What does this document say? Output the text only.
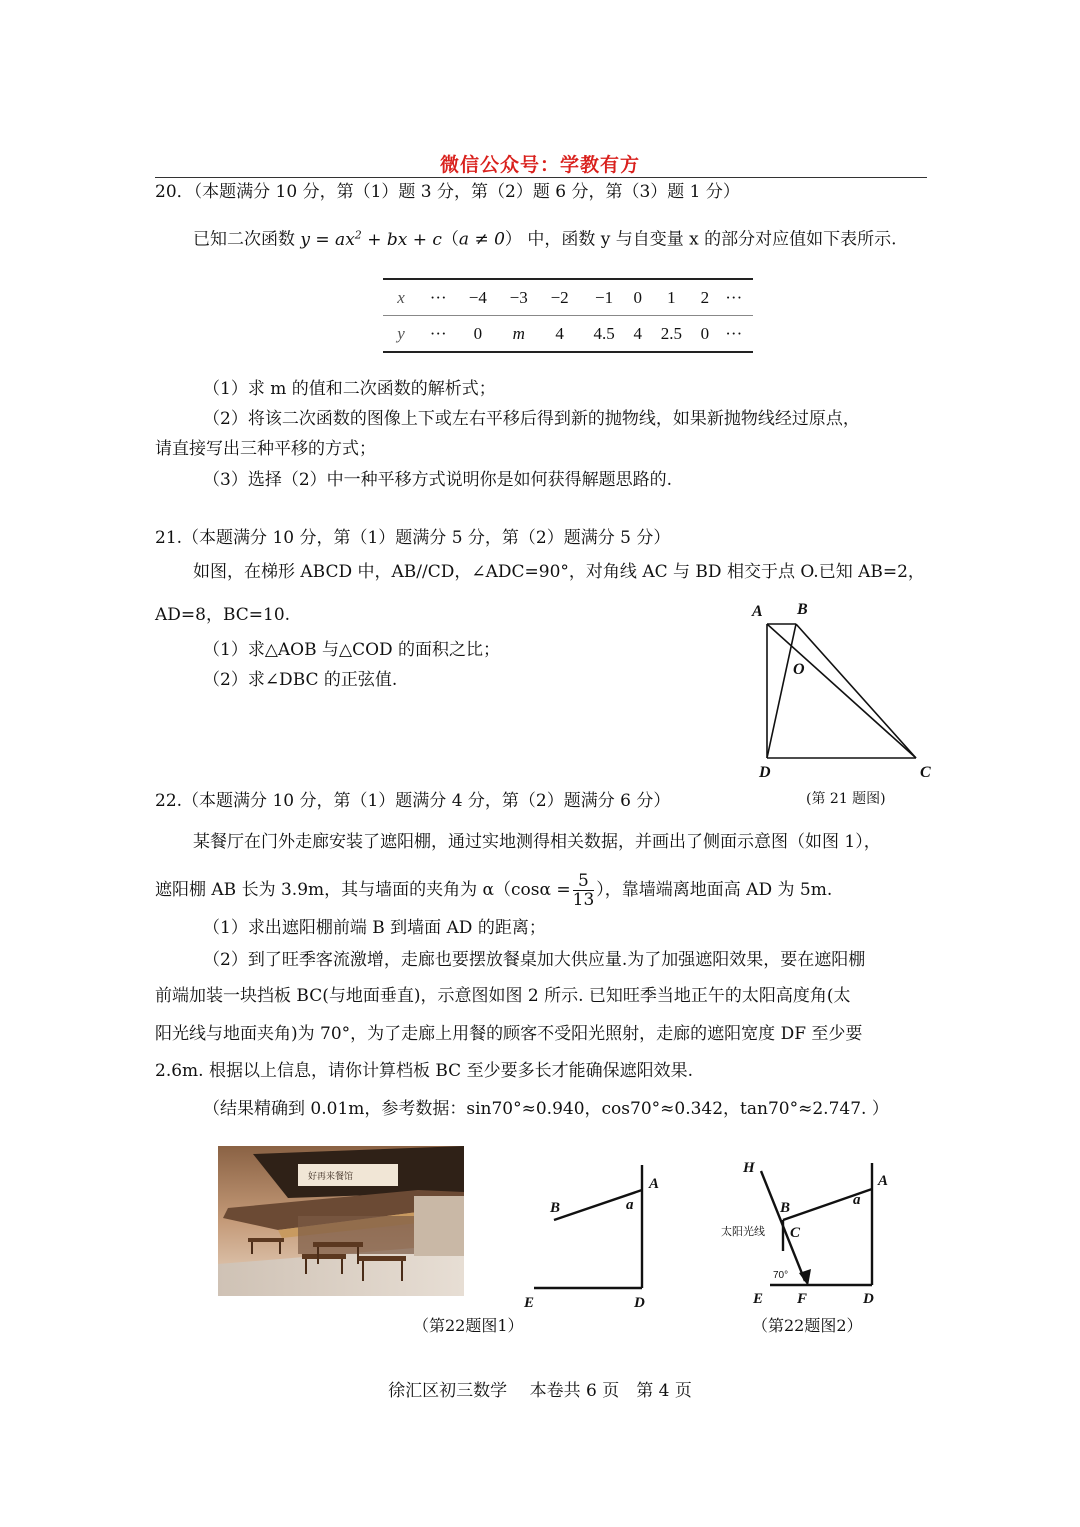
微信公众号：学教有方
20．（本题满分 10 分，第（1）题 3 分，第（2）题 6 分，第（3）题 1 分）
已知二次函数 $y = ax^2$ + bx + c（a ≠ 0） 中，函数 y 与自变量 x 的部分对应值如下表所示.
x	···	−4	−3	−2	−1	0	1	2	···
y	···	0	m	4	4.5	4	2.5	0	···
（1）求 m 的值和二次函数的解析式；
（2）将该二次函数的图像上下或左右平移后得到新的抛物线，如果新抛物线经过原点，
请直接写出三种平移的方式；
（3）选择（2）中一种平移方式说明你是如何获得解题思路的.
21.（本题满分 10 分，第（1）题满分 5 分，第（2）题满分 5 分）
如图，在梯形 ABCD 中，AB//CD，∠ADC=90°，对角线 AC 与 BD 相交于点 O.已知 AB=2，
AD=8，BC=10.
（1）求△AOB 与△COD 的面积之比；
（2）求∠DBC 的正弦值.
A B
O
D	C
(第 21 题图)
22.（本题满分 10 分，第（1）题满分 4 分，第（2）题满分 6 分）
某餐厅在门外走廊安装了遮阳棚，通过实地测得相关数据，并画出了侧面示意图（如图 1），
遮阳棚 AB 长为 3.9m，其与墙面的夹角为 $\alpha(\cos\alpha = \frac{5}{13}$ ），靠墙端离地面高 AD 为 5m.
（1）求出遮阳棚前端 B 到墙面 AD 的距离；
（2）到了旺季客流激增，走廊也要摆放餐桌加大供应量.为了加强遮阳效果，要在遮阳棚
前端加装一块挡板 BC(与地面垂直)，示意图如图 2 所示. 已知旺季当地正午的太阳高度角(太
阳光线与地面夹角)为 70°，为了走廊上用餐的顾客不受阳光照射，走廊的遮阳宽度 DF 至少要
2.6m. 根据以上信息，请你计算档板 BC 至少要多长才能确保遮阳效果.
（结果精确到 0.01m，参考数据：sin70°≈0.940，cos70°≈0.342，tan70°≈2.747. ）
好再来餐馆
B	a
A
E	D
（第22题图1）
H
B
C
a
A
E F	D
太阳光线
70°
（第22题图2）
徐汇区初三数学　 本卷共 6 页　第 4 页
